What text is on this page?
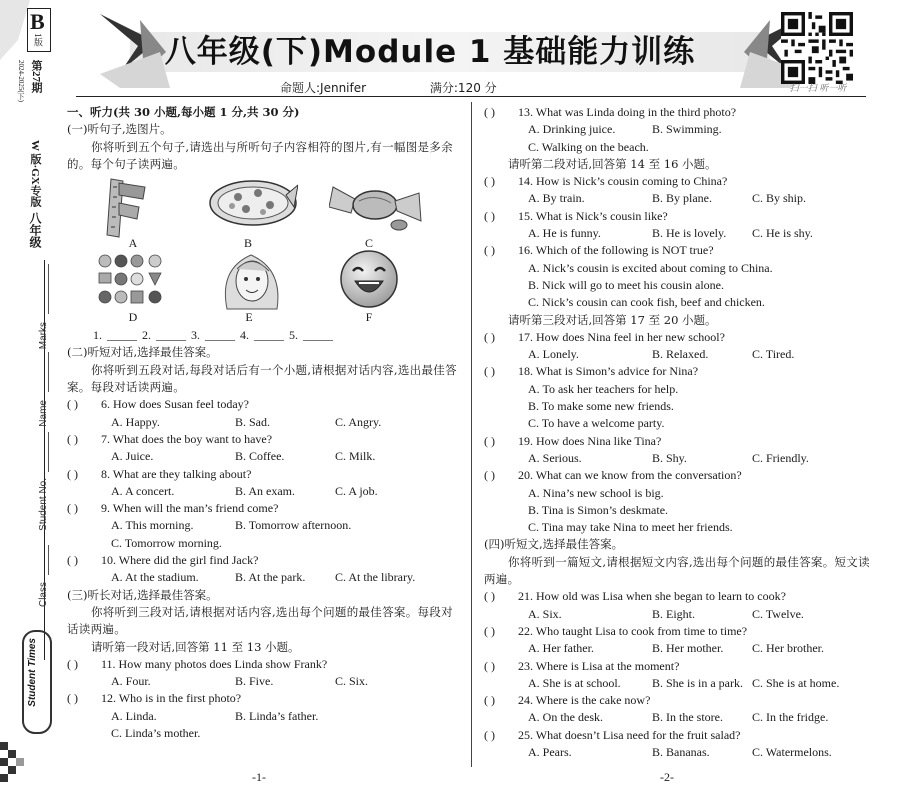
B
1版
第27期
2024-2025(下)
W 版·GX专版
八年级
Marks
Name
Student No.
Class
Student Times
八年级(下)Module 1 基础能力训练
扫一扫 听一听
命题人:Jennifer	满分:120 分
一、听力(共 30 小题,每小题 1 分,共 30 分)
(一)听句子,选图片。
你将听到五个句子,请选出与所听句子内容相符的图片,有一幅图是多余的。每个句子读两遍。
A	B	C
D	E	F
1. _____ 2. _____ 3. _____ 4. _____ 5. _____
(二)听短对话,选择最佳答案。
你将听到五段对话,每段对话后有一个小题,请根据对话内容,选出最佳答案。每段对话读两遍。
( ) 6. How does Susan feel today?
A. Happy.	B. Sad.	C. Angry.
( ) 7. What does the boy want to have?
A. Juice.	B. Coffee.	C. Milk.
( ) 8. What are they talking about?
A. A concert.	B. An exam.	C. A job.
( ) 9. When will the man’s friend come?
A. This morning.	B. Tomorrow afternoon.
C. Tomorrow morning.
( ) 10. Where did the girl find Jack?
A. At the stadium.	B. At the park.	C. At the library.
(三)听长对话,选择最佳答案。
你将听到三段对话,请根据对话内容,选出每个问题的最佳答案。每段对话读两遍。
请听第一段对话,回答第 11 至 13 小题。
( ) 11. How many photos does Linda show Frank?
A. Four.	B. Five.	C. Six.
( ) 12. Who is in the first photo?
A. Linda.	B. Linda’s father.
C. Linda’s mother.
( ) 13. What was Linda doing in the third photo?
A. Drinking juice.	B. Swimming.
C. Walking on the beach.
请听第二段对话,回答第 14 至 16 小题。
( ) 14. How is Nick’s cousin coming to China?
A. By train.	B. By plane.	C. By ship.
( ) 15. What is Nick’s cousin like?
A. He is funny.	B. He is lovely.	C. He is shy.
( ) 16. Which of the following is NOT true?
A. Nick’s cousin is excited about coming to China.
B. Nick will go to meet his cousin alone.
C. Nick’s cousin can cook fish, beef and chicken.
请听第三段对话,回答第 17 至 20 小题。
( ) 17. How does Nina feel in her new school?
A. Lonely.	B. Relaxed.	C. Tired.
( ) 18. What is Simon’s advice for Nina?
A. To ask her teachers for help.
B. To make some new friends.
C. To have a welcome party.
( ) 19. How does Nina like Tina?
A. Serious.	B. Shy.	C. Friendly.
( ) 20. What can we know from the conversation?
A. Nina’s new school is big.
B. Tina is Simon’s deskmate.
C. Tina may take Nina to meet her friends.
(四)听短文,选择最佳答案。
你将听到一篇短文,请根据短文内容,选出每个问题的最佳答案。短文读两遍。
( ) 21. How old was Lisa when she began to learn to cook?
A. Six.	B. Eight.	C. Twelve.
( ) 22. Who taught Lisa to cook from time to time?
A. Her father.	B. Her mother.	C. Her brother.
( ) 23. Where is Lisa at the moment?
A. She is at school.	B. She is in a park. C. She is at home.
( ) 24. Where is the cake now?
A. On the desk.	B. In the store.	C. In the fridge.
( ) 25. What doesn’t Lisa need for the fruit salad?
A. Pears.	B. Bananas.	C. Watermelons.
-1-	-2-
